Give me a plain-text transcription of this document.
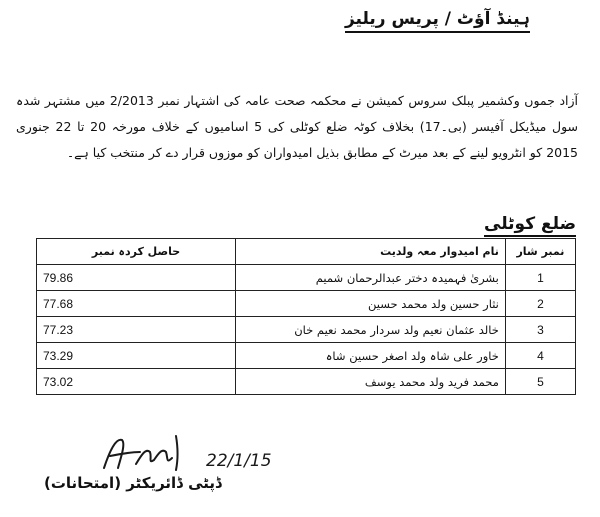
ہینڈ آؤٹ / پریس ریلیز
آزاد جموں وکشمیر پبلک سروس کمیشن نے محکمہ صحت عامہ کی اشتہار نمبر 2/2013 میں مشتہر شدہ سول میڈیکل آفیسر (بی۔17) بخلاف کوٹہ ضلع کوٹلی کی 5 اسامیوں کے خلاف مورخہ 20 تا 22 جنوری 2015 کو انٹرویو لینے کے بعد میرٹ کے مطابق بذیل امیدواران کو موزوں قرار دے کر منتخب کیا ہے۔
ضلع کوٹلی
نمبر شار	نام امیدوار معہ ولدیت	حاصل کردہ نمبر
1	بشریٰ فہمیدہ دختر عبدالرحمان شمیم	79.86
2	نثار حسین ولد محمد حسین	77.68
3	خالد عثمان نعیم ولد سردار محمد نعیم خان	77.23
4	خاور علی شاہ ولد اصغر حسین شاہ	73.29
5	محمد فرید ولد محمد یوسف	73.02
22/1/15
ڈپٹی ڈائریکٹر (امتحانات)
